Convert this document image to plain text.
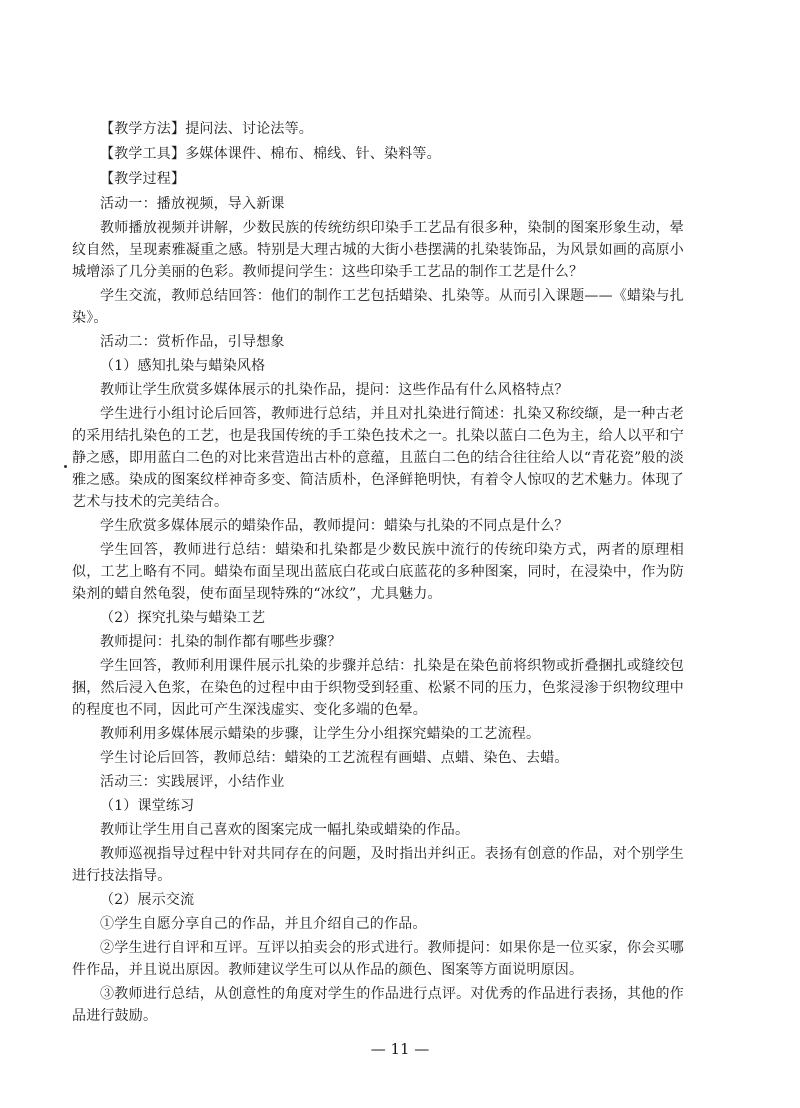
【教学方法】提问法、讨论法等。

【教学工具】多媒体课件、棉布、棉线、针、染料等。

【教学过程】

活动一：播放视频，导入新课

教师播放视频并讲解，少数民族的传统纺织印染手工艺品有很多种，染制的图案形象生动，晕纹自然，呈现素雅凝重之感。特别是大理古城的大街小巷摆满的扎染装饰品，为风景如画的高原小城增添了几分美丽的色彩。教师提问学生：这些印染手工艺品的制作工艺是什么？

学生交流，教师总结回答：他们的制作工艺包括蜡染、扎染等。从而引入课题——《蜡染与扎染》。

活动二：赏析作品，引导想象

（1）感知扎染与蜡染风格

教师让学生欣赏多媒体展示的扎染作品，提问：这些作品有什么风格特点？

学生进行小组讨论后回答，教师进行总结，并且对扎染进行简述：扎染又称绞缬，是一种古老的采用结扎染色的工艺，也是我国传统的手工染色技术之一。扎染以蓝白二色为主，给人以平和宁静之感，即用蓝白二色的对比来营造出古朴的意蕴，且蓝白二色的结合往往给人以“青花瓷”般的淡雅之感。染成的图案纹样神奇多变、简洁质朴，色泽鲜艳明快，有着令人惊叹的艺术魅力。体现了艺术与技术的完美结合。

学生欣赏多媒体展示的蜡染作品，教师提问：蜡染与扎染的不同点是什么？

学生回答，教师进行总结：蜡染和扎染都是少数民族中流行的传统印染方式，两者的原理相似，工艺上略有不同。蜡染布面呈现出蓝底白花或白底蓝花的多种图案，同时，在浸染中，作为防染剂的蜡自然龟裂，使布面呈现特殊的“冰纹”，尤具魅力。

（2）探究扎染与蜡染工艺

教师提问：扎染的制作都有哪些步骤？

学生回答，教师利用课件展示扎染的步骤并总结：扎染是在染色前将织物或折叠捆扎或缝绞包捆，然后浸入色浆，在染色的过程中由于织物受到轻重、松紧不同的压力，色浆浸渗于织物纹理中的程度也不同，因此可产生深浅虚实、变化多端的色晕。

教师利用多媒体展示蜡染的步骤，让学生分小组探究蜡染的工艺流程。

学生讨论后回答，教师总结：蜡染的工艺流程有画蜡、点蜡、染色、去蜡。

活动三：实践展评，小结作业

（1）课堂练习

教师让学生用自己喜欢的图案完成一幅扎染或蜡染的作品。

教师巡视指导过程中针对共同存在的问题，及时指出并纠正。表扬有创意的作品，对个别学生进行技法指导。

（2）展示交流

①学生自愿分享自己的作品，并且介绍自己的作品。

②学生进行自评和互评。互评以拍卖会的形式进行。教师提问：如果你是一位买家，你会买哪件作品，并且说出原因。教师建议学生可以从作品的颜色、图案等方面说明原因。

③教师进行总结，从创意性的角度对学生的作品进行点评。对优秀的作品进行表扬，其他的作品进行鼓励。

— 11 —
